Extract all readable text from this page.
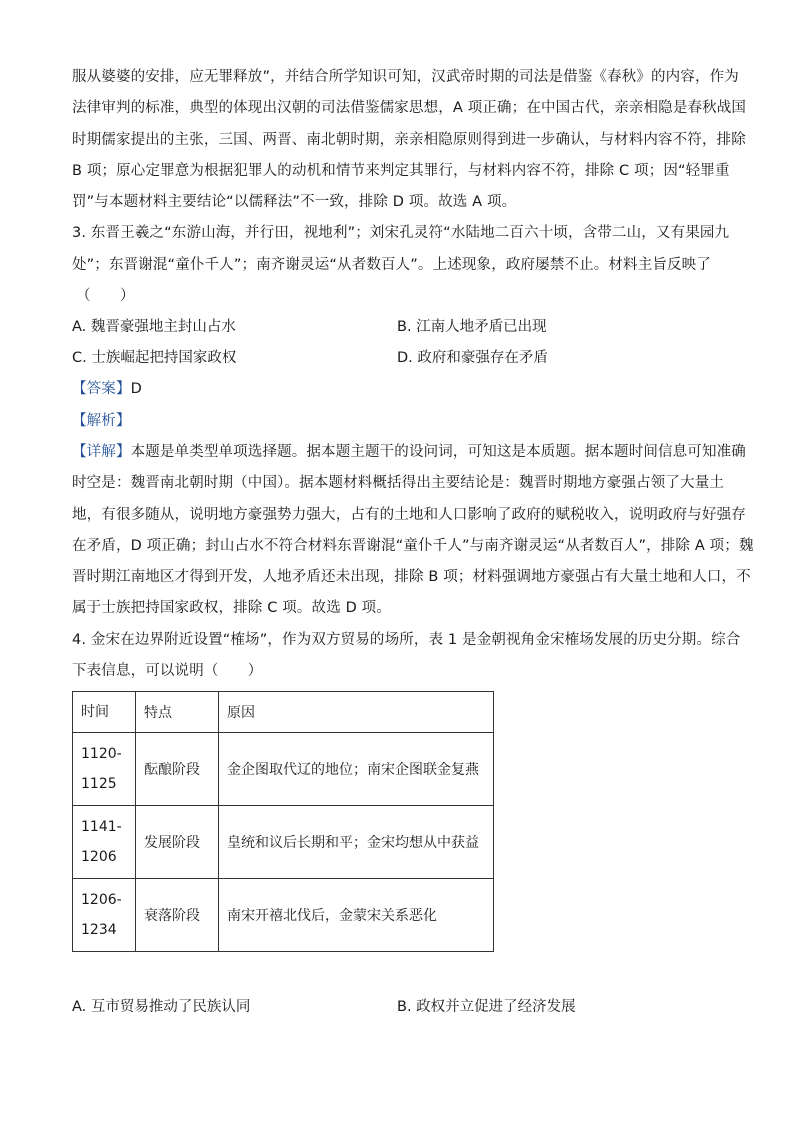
服从婆婆的安排，应无罪释放”，并结合所学知识可知，汉武帝时期的司法是借鉴《春秋》的内容，作为
法律审判的标准，典型的体现出汉朝的司法借鉴儒家思想，A 项正确；在中国古代，亲亲相隐是春秋战国
时期儒家提出的主张，三国、两晋、南北朝时期，亲亲相隐原则得到进一步确认，与材料内容不符，排除
B 项；原心定罪意为根据犯罪人的动机和情节来判定其罪行，与材料内容不符，排除 C 项；因“轻罪重
罚”与本题材料主要结论“以儒释法”不一致，排除 D 项。故选 A 项。
3. 东晋王羲之“东游山海，并行田，视地利”；刘宋孔灵符“水陆地二百六十顷，含带二山，又有果园九
处”；东晋谢混“童仆千人”；南齐谢灵运“从者数百人”。上述现象，政府屡禁不止。材料主旨反映了
（　　）
A. 魏晋豪强地主封山占水	B. 江南人地矛盾已出现
C. 士族崛起把持国家政权	D. 政府和豪强存在矛盾
【答案】D
【解析】
【详解】本题是单类型单项选择题。据本题主题干的设问词，可知这是本质题。据本题时间信息可知准确
时空是：魏晋南北朝时期（中国）。据本题材料概括得出主要结论是：魏晋时期地方豪强占领了大量土
地，有很多随从，说明地方豪强势力强大，占有的土地和人口影响了政府的赋税收入，说明政府与好强存
在矛盾，D 项正确；封山占水不符合材料东晋谢混“童仆千人”与南齐谢灵运“从者数百人”，排除 A 项；魏
晋时期江南地区才得到开发，人地矛盾还未出现，排除 B 项；材料强调地方豪强占有大量土地和人口，不
属于士族把持国家政权，排除 C 项。故选 D 项。
4. 金宋在边界附近设置“榷场”，作为双方贸易的场所，表 1 是金朝视角金宋榷场发展的历史分期。综合
下表信息，可以说明（　　）
时间	特点	原因

1120-
1125	酝酿阶段	金企图取代辽的地位；南宋企图联金复燕

1141-
1206	发展阶段	皇统和议后长期和平；金宋均想从中获益

1206-
1234	衰落阶段	南宋开禧北伐后，金蒙宋关系恶化
A. 互市贸易推动了民族认同	B. 政权并立促进了经济发展
